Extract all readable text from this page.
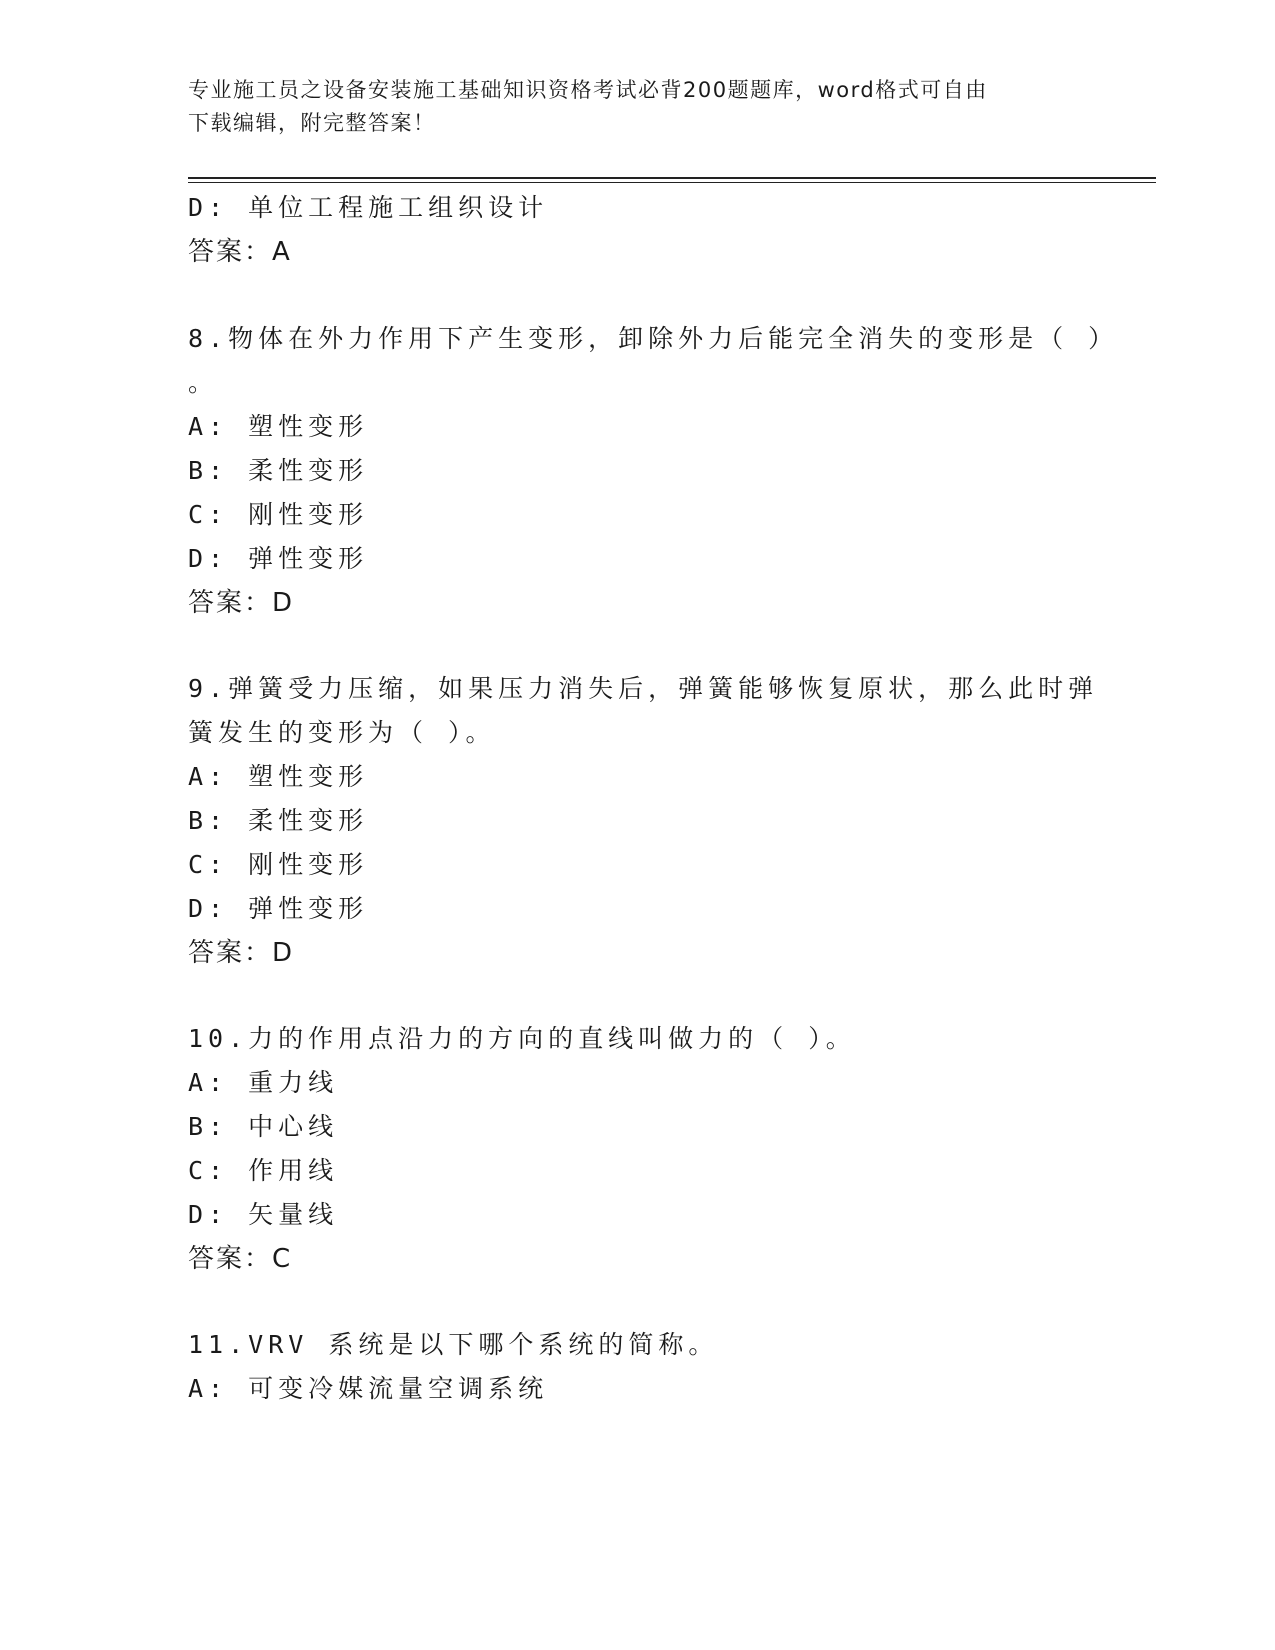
专业施工员之设备安装施工基础知识资格考试必背200题题库，word格式可自由
下载编辑，附完整答案！
D: 单位工程施工组织设计
答案：A
8.物体在外力作用下产生变形，卸除外力后能完全消失的变形是（ ）
。
A: 塑性变形
B: 柔性变形
C: 刚性变形
D: 弹性变形
答案：D
9.弹簧受力压缩，如果压力消失后，弹簧能够恢复原状，那么此时弹
簧发生的变形为（ ）。
A: 塑性变形
B: 柔性变形
C: 刚性变形
D: 弹性变形
答案：D
10.力的作用点沿力的方向的直线叫做力的（ ）。
A: 重力线
B: 中心线
C: 作用线
D: 矢量线
答案：C
11.VRV 系统是以下哪个系统的简称。
A: 可变冷媒流量空调系统
